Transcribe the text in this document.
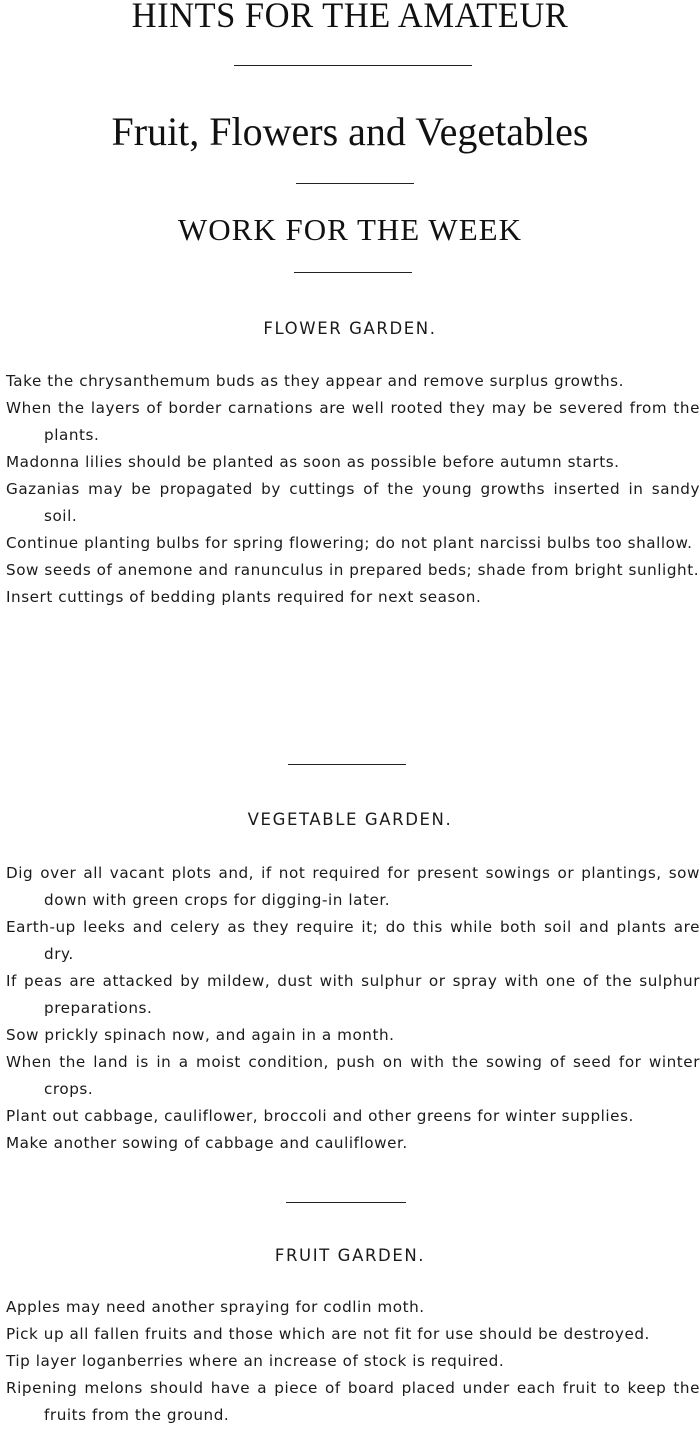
HINTS FOR THE AMATEUR
Fruit, Flowers and Vegetables
WORK FOR THE WEEK
FLOWER GARDEN.
Take the chrysanthemum buds as they appear and remove surplus growths.
When the layers of border carnations are well rooted they may be severed from the plants.
Madonna lilies should be planted as soon as possible before autumn starts.
Gazanias may be propagated by cuttings of the young growths inserted in sandy soil.
Continue planting bulbs for spring flowering; do not plant narcissi bulbs too shallow.
Sow seeds of anemone and ranunculus in prepared beds; shade from bright sunlight.
Insert cuttings of bedding plants required for next season.
VEGETABLE GARDEN.
Dig over all vacant plots and, if not required for present sowings or plantings, sow down with green crops for digging-in later.
Earth-up leeks and celery as they require it; do this while both soil and plants are dry.
If peas are attacked by mildew, dust with sulphur or spray with one of the sulphur preparations.
Sow prickly spinach now, and again in a month.
When the land is in a moist condition, push on with the sowing of seed for winter crops.
Plant out cabbage, cauliflower, broccoli and other greens for winter supplies.
Make another sowing of cabbage and cauliflower.
FRUIT GARDEN.
Apples may need another spraying for codlin moth.
Pick up all fallen fruits and those which are not fit for use should be destroyed.
Tip layer loganberries where an increase of stock is required.
Ripening melons should have a piece of board placed under each fruit to keep the fruits from the ground.
